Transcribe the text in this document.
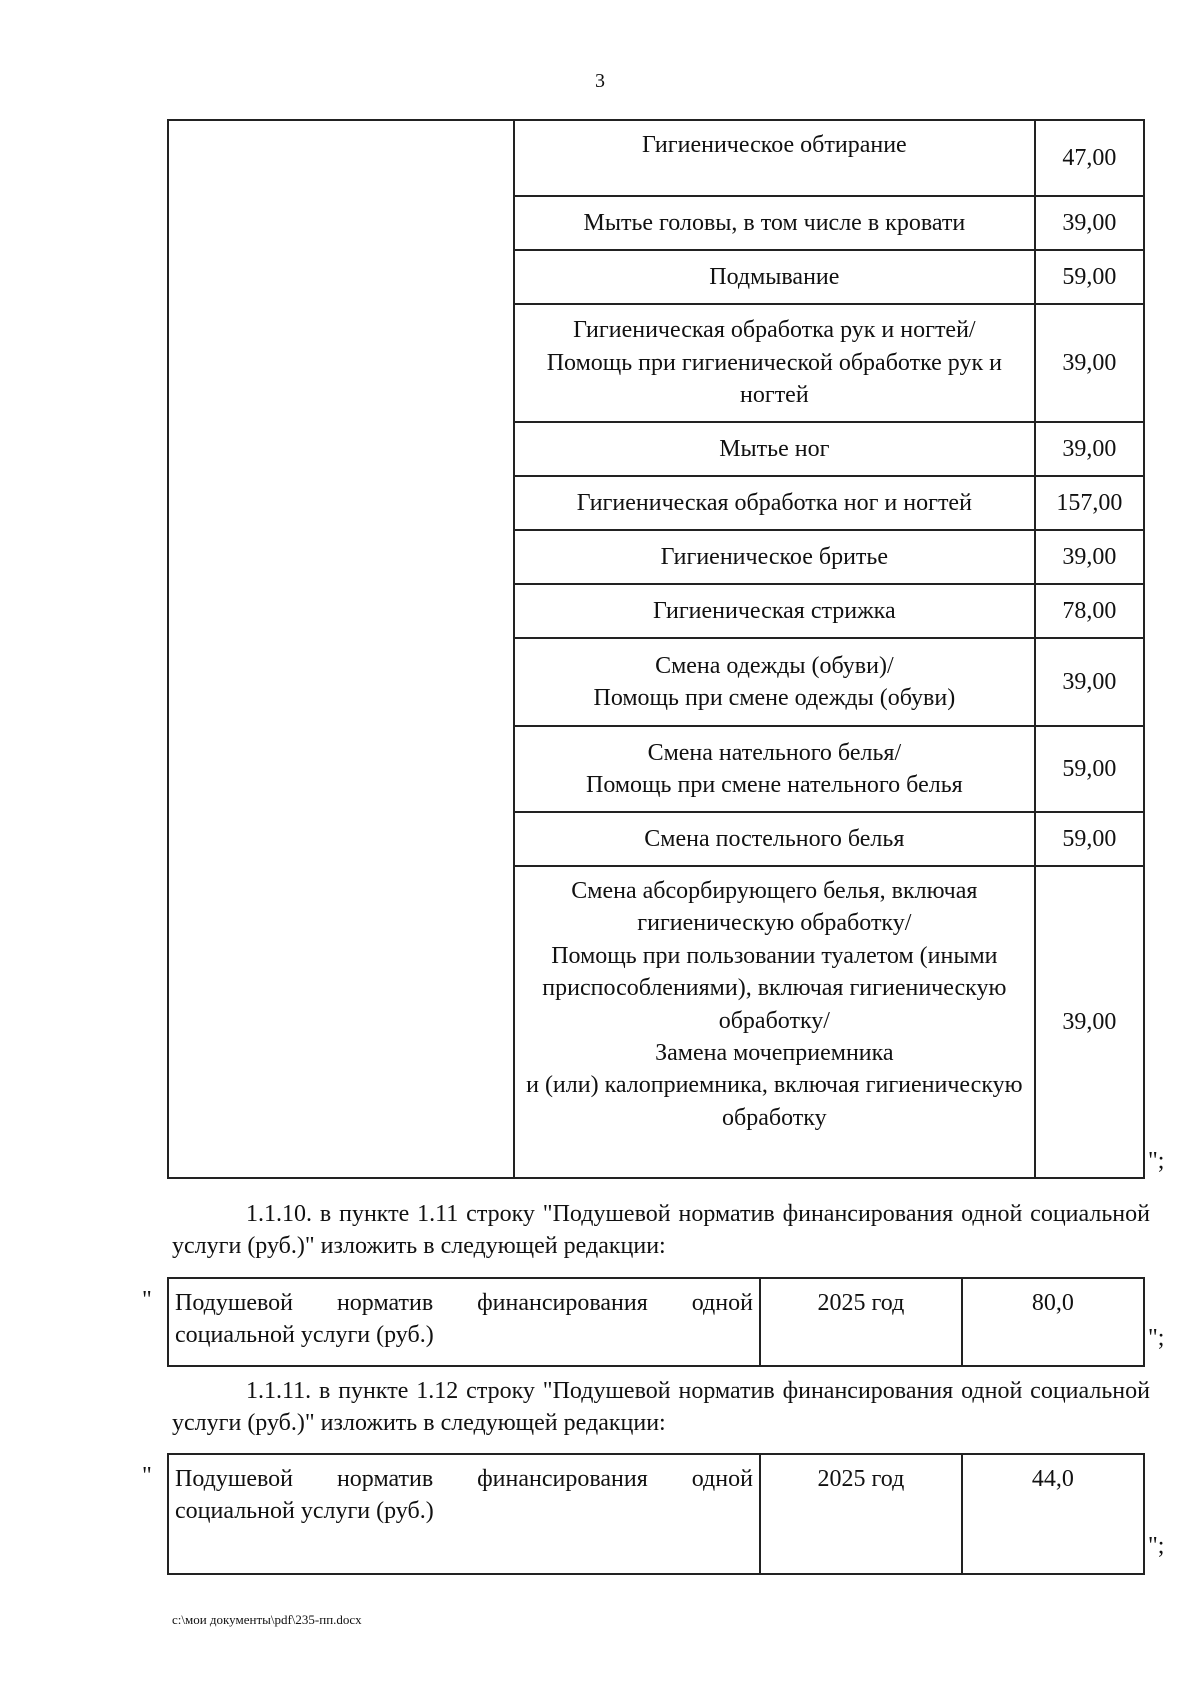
3
	Гигиеническое обтирание	47,00
	Мытье головы, в том числе в кровати	39,00
	Подмывание	59,00
	Гигиеническая обработка рук и ногтей/
Помощь при гигиенической обработке рук и ногтей	39,00
	Мытье ног	39,00
	Гигиеническая обработка ног и ногтей	157,00
	Гигиеническое бритье	39,00
	Гигиеническая стрижка	78,00
	Смена одежды (обуви)/
Помощь при смене одежды (обуви)	39,00
	Смена нательного белья/
Помощь при смене нательного белья	59,00
	Смена постельного белья	59,00
	Смена абсорбирующего белья, включая гигиеническую обработку/
Помощь при пользовании туалетом (иными приспособлениями), включая гигиеническую обработку/
Замена мочеприемника
и (или) калоприемника, включая гигиеническую обработку	39,00
";
1.1.10. в пункте 1.11 строку "Подушевой норматив финансирования одной социальной услуги (руб.)" изложить в следующей редакции:
" Подушевой норматив финансирования одной социальной услуги (руб.)	2025 год	80,0
";
1.1.11. в пункте 1.12 строку "Подушевой норматив финансирования одной социальной услуги (руб.)" изложить в следующей редакции:
" Подушевой норматив финансирования одной социальной услуги (руб.)	2025 год	44,0
";
c:\мои документы\pdf\235-пп.docx
